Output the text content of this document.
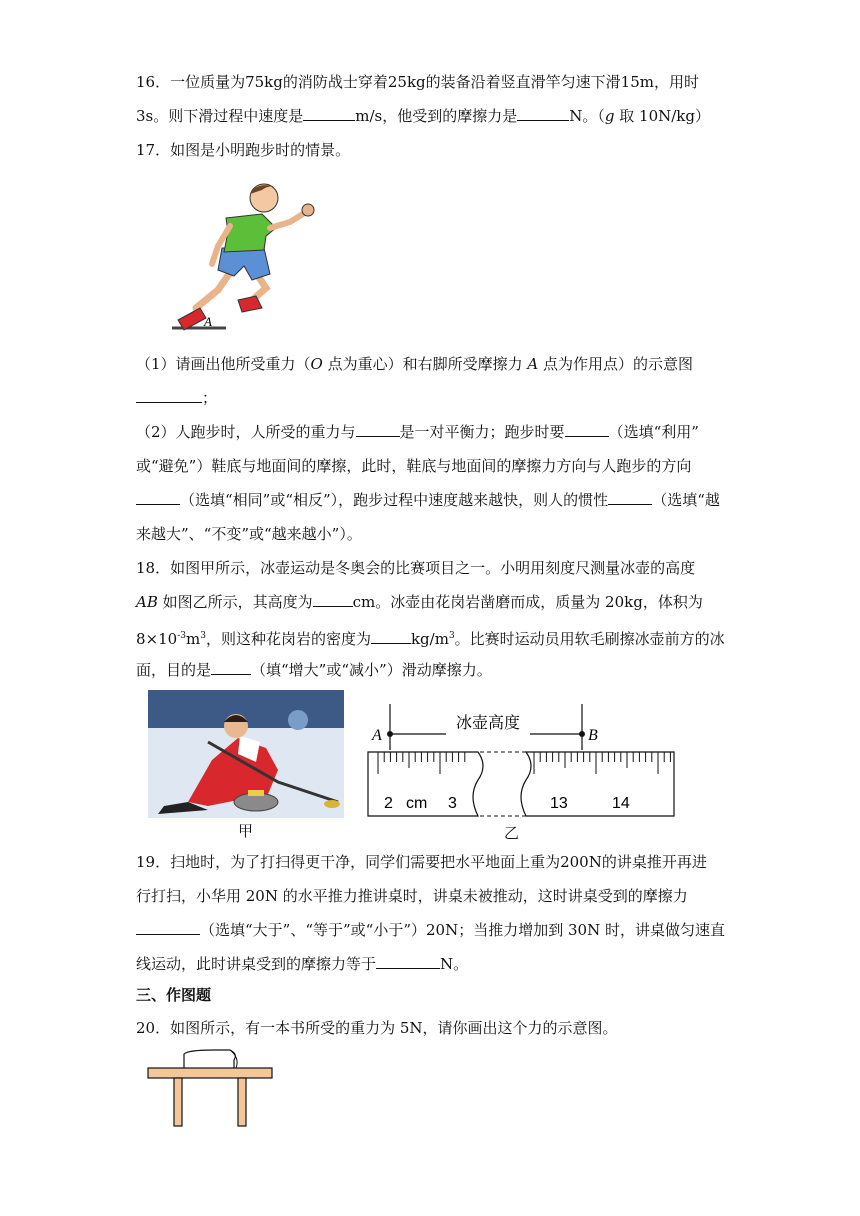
16．一位质量为75kg的消防战士穿着25kg的装备沿着竖直滑竿匀速下滑15m，用时
3s。则下滑过程中速度是	m/s，他受到的摩擦力是	N。（g 取 10N/kg）
17．如图是小明跑步时的情景。
A
（1）请画出他所受重力（O 点为重心）和右脚所受摩擦力 A 点为作用点）的示意图
；
（2）人跑步时，人所受的重力与	是一对平衡力；跑步时要	（选填“利用”
或“避免”）鞋底与地面间的摩擦，此时，鞋底与地面间的摩擦力方向与人跑步的方向
（选填“相同”或“相反”），跑步过程中速度越来越快，则人的惯性	（选填“越
来越大”、“不变”或“越来越小”）。
18．如图甲所示，冰壶运动是冬奥会的比赛项目之一。小明用刻度尺测量冰壶的高度
AB 如图乙所示，其高度为	cm。冰壶由花岗岩凿磨而成，质量为 20kg，体积为
$8\times 10^{-3}m^3$，则这种花岗岩的密度为	$kg/m^3$。比赛时运动员用软毛刷擦冰壶前方的冰
面，目的是	（填“增大”或“减小”）滑动摩擦力。
甲
冰壶高度
A	B
2 cm 3	13	14
乙
19．扫地时，为了打扫得更干净，同学们需要把水平地面上重为200N的讲桌推开再进
行打扫，小华用 20N 的水平推力推讲桌时，讲桌未被推动，这时讲桌受到的摩擦力
（选填“大于”、“等于”或“小于”）20N；当推力增加到 30N 时，讲桌做匀速直
线运动，此时讲桌受到的摩擦力等于	N。
三、作图题
20．如图所示，有一本书所受的重力为 5N，请你画出这个力的示意图。
